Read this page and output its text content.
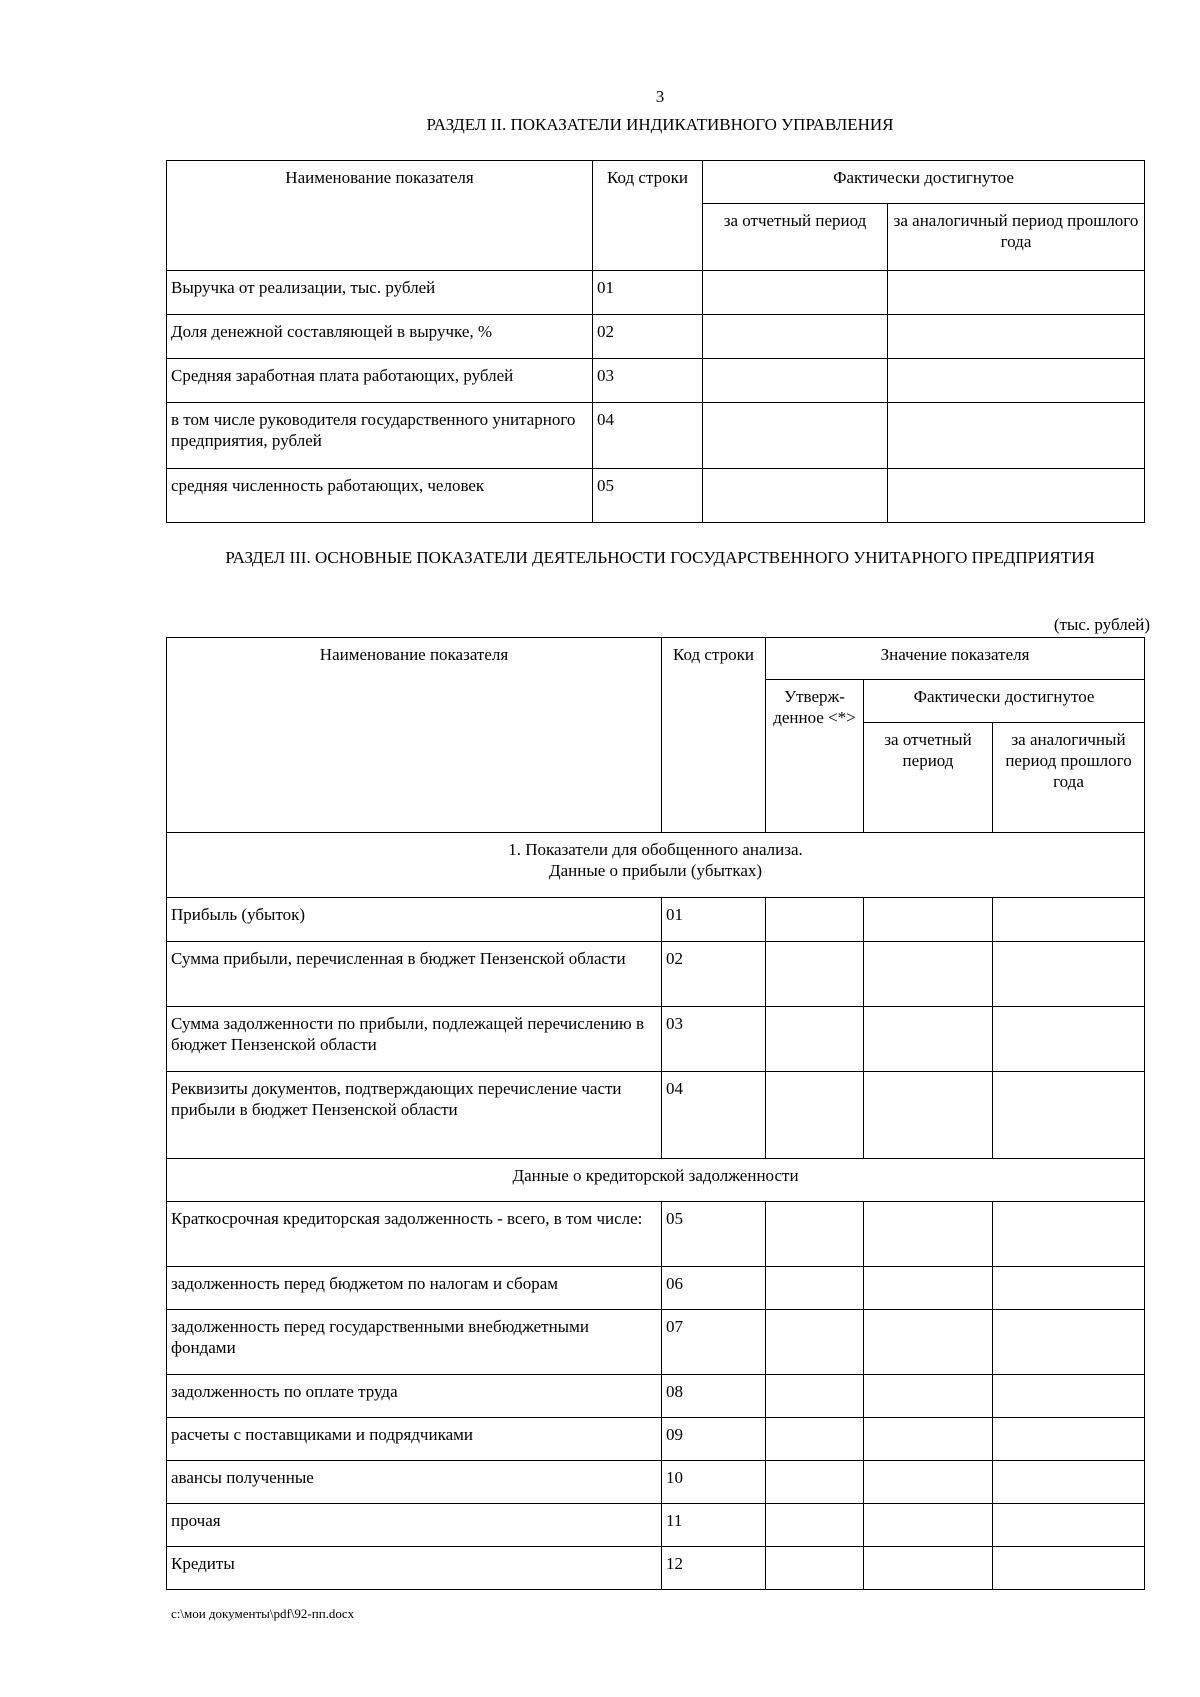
3
РАЗДЕЛ II. ПОКАЗАТЕЛИ ИНДИКАТИВНОГО УПРАВЛЕНИЯ
Наименование показателя	Код строки	Фактически достигнутое	
		за отчетный период	за аналогичный период прошлого года
Выручка от реализации, тыс. рублей	01		
Доля денежной составляющей в выручке, %	02		
Средняя заработная плата работающих, рублей	03		
в том числе руководителя государственного унитарного предприятия, рублей	04		
средняя численность работающих, человек	05		
РАЗДЕЛ III. ОСНОВНЫЕ ПОКАЗАТЕЛИ ДЕЯТЕЛЬНОСТИ ГОСУДАРСТВЕННОГО УНИТАРНОГО ПРЕДПРИЯТИЯ
(тыс. рублей)
Наименование показателя	Код строки	Значение показателя		
		Утверж-денное <*>	Фактически достигнутое	
			за отчетный период	за аналогичный период прошлого года

1. Показатели для обобщенного анализа.
Данные о прибыли (убытках)				

Прибыль (убыток)	01			
Сумма прибыли, перечисленная в бюджет Пензенской области	02			
Сумма задолженности по прибыли, подлежащей перечислению в бюджет Пензенской области	03			
Реквизиты документов, подтверждающих перечисление части прибыли в бюджет Пензенской области	04			
Данные о кредиторской задолженности				
Краткосрочная кредиторская задолженность - всего, в том числе:	05			
задолженность перед бюджетом по налогам и сборам	06			
задолженность перед государственными внебюджетными фондами	07			
задолженность по оплате труда	08			
расчеты с поставщиками и подрядчиками	09			
авансы полученные	10			
прочая	11			
Кредиты	12			
c:\мои документы\pdf\92-пп.docx
